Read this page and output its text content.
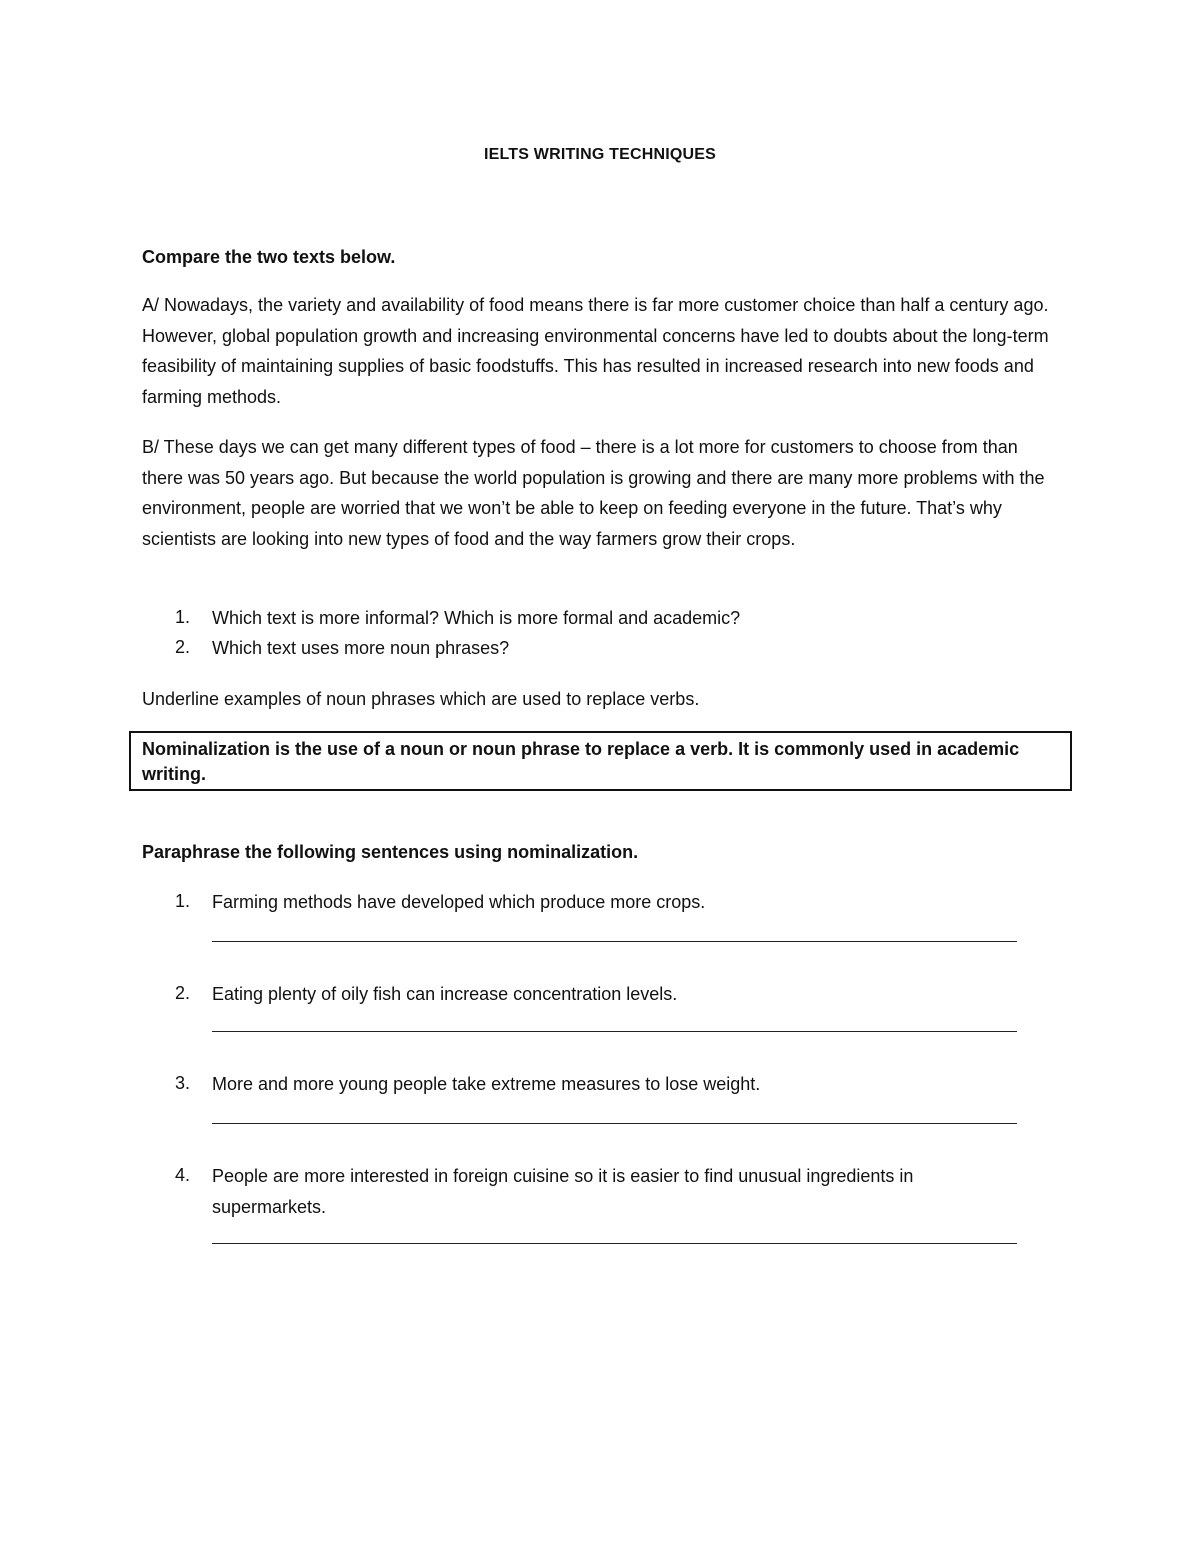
IELTS WRITING TECHNIQUES
Compare the two texts below.

A/ Nowadays, the variety and availability of food means there is far more customer choice than half a century ago. However, global population growth and increasing environmental concerns have led to doubts about the long-term feasibility of maintaining supplies of basic foodstuffs. This has resulted in increased research into new foods and farming methods.

B/ These days we can get many different types of food – there is a lot more for customers to choose from than there was 50 years ago. But because the world population is growing and there are many more problems with the environment, people are worried that we won’t be able to keep on feeding everyone in the future. That’s why scientists are looking into new types of food and the way farmers grow their crops.

1.	Which text is more informal? Which is more formal and academic?
2.	Which text uses more noun phrases?
Underline examples of noun phrases which are used to replace verbs.
Nominalization is the use of a noun or noun phrase to replace a verb. It is commonly used in academic writing.
Paraphrase the following sentences using nominalization.
1.	Farming methods have developed which produce more crops.
2.	Eating plenty of oily fish can increase concentration levels.
3.	More and more young people take extreme measures to lose weight.
4.	People are more interested in foreign cuisine so it is easier to find unusual ingredients in supermarkets.
